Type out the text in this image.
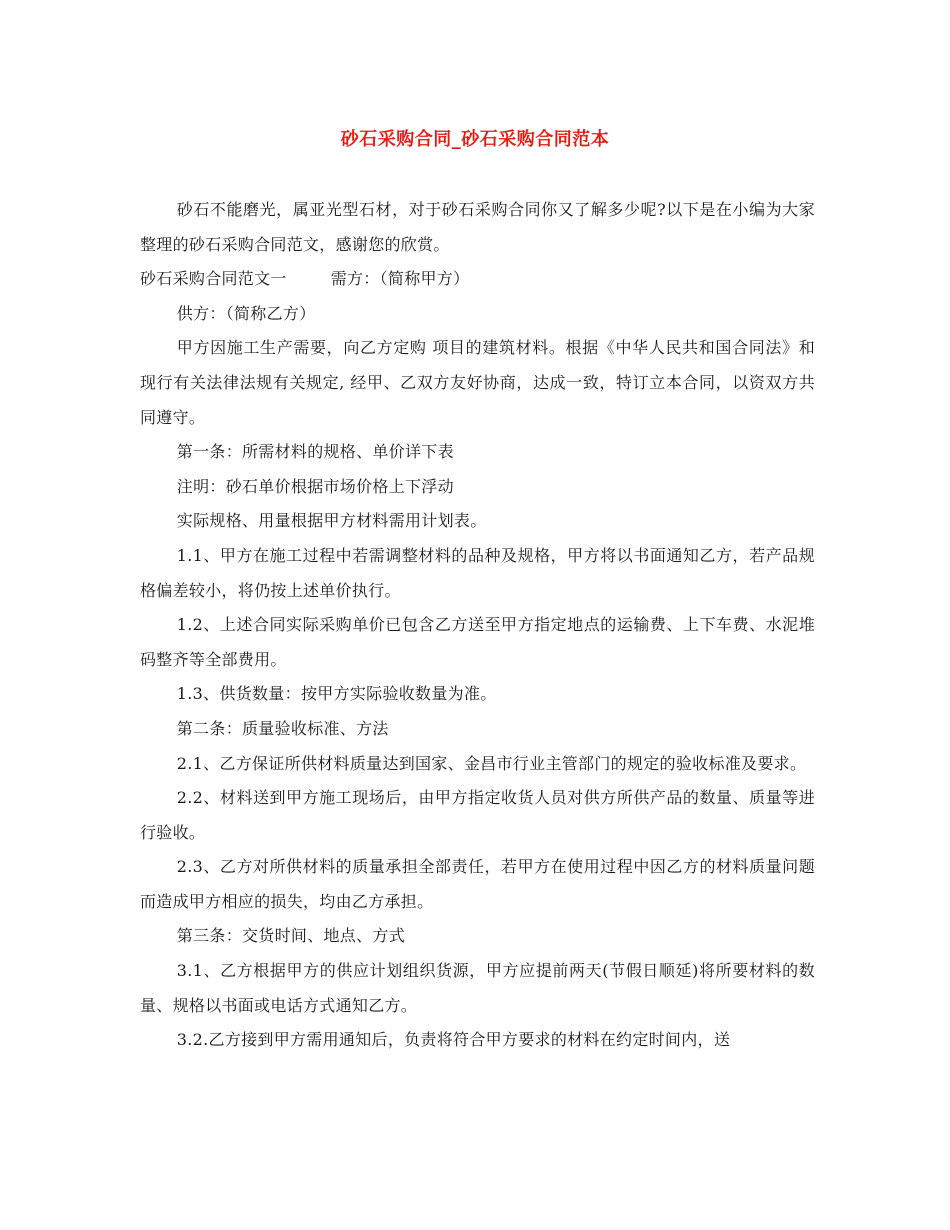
砂石采购合同_砂石采购合同范本

砂石不能磨光，属亚光型石材，对于砂石采购合同你又了解多少呢?以下是在小编为大家整理的砂石采购合同范文，感谢您的欣赏。

砂石采购合同范文一	需方：（简称甲方）

供方：（简称乙方）

甲方因施工生产需要，向乙方定购 项目的建筑材料。根据《中华人民共和国合同法》和现行有关法律法规有关规定, 经甲、乙双方友好协商，达成一致，特订立本合同，以资双方共同遵守。

第一条：所需材料的规格、单价详下表

注明：砂石单价根据市场价格上下浮动

实际规格、用量根据甲方材料需用计划表。

1.1、甲方在施工过程中若需调整材料的品种及规格，甲方将以书面通知乙方，若产品规格偏差较小，将仍按上述单价执行。

1.2、上述合同实际采购单价已包含乙方送至甲方指定地点的运输费、上下车费、水泥堆码整齐等全部费用。

1.3、供货数量：按甲方实际验收数量为准。

第二条：质量验收标准、方法

2.1、乙方保证所供材料质量达到国家、金昌市行业主管部门的规定的验收标准及要求。

2.2、材料送到甲方施工现场后，由甲方指定收货人员对供方所供产品的数量、质量等进行验收。

2.3、乙方对所供材料的质量承担全部责任，若甲方在使用过程中因乙方的材料质量问题而造成甲方相应的损失，均由乙方承担。

第三条：交货时间、地点、方式

3.1、乙方根据甲方的供应计划组织货源，甲方应提前两天(节假日顺延)将所要材料的数量、规格以书面或电话方式通知乙方。

3.2.乙方接到甲方需用通知后，负责将符合甲方要求的材料在约定时间内，送
